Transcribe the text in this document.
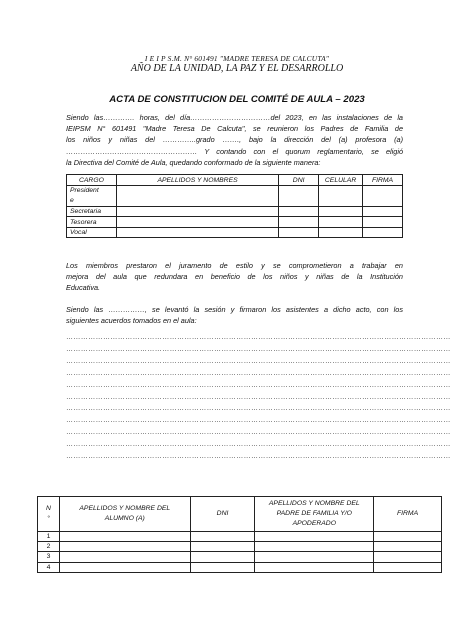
I E I P S.M. N° 601491 "MADRE TERESA DE CALCUTA"
AÑO DE LA UNIDAD, LA PAZ Y EL DESARROLLO
ACTA DE CONSTITUCION DEL COMITÉ DE AULA – 2023
Siendo las…………. horas, del día……………………………del 2023, en las instalaciones de la
IEIPSM N° 601491 "Madre Teresa De Calcuta", se reunieron los Padres de Familia de
los niños y niñas del …………..grado ……., bajo la dirección del (a) profesora (a)
……………………………………………… Y contando con el quorum reglamentario, se eligió
la Directiva del Comité de Aula, quedando conformado de la siguiente manera:
CARGO	APELLIDOS Y NOMBRES	DNI	CELULAR	FIRMA
President
e				
Secretaria				
Tesorera				
Vocal				
Los miembros prestaron el juramento de estilo y se comprometieron a trabajar en
mejora del aula que redundara en beneficio de los niños y niñas de la Institución
Educativa.
Siendo las ……………, se levantó la sesión y firmaron los asistentes a dicho acto, con los
siguientes acuerdos tomados en el aula:
…………………………………………………………………………………………………………………………………………
…………………………………………………………………………………………………………………………………………
…………………………………………………………………………………………………………………………………………
…………………………………………………………………………………………………………………………………………
…………………………………………………………………………………………………………………………………………
…………………………………………………………………………………………………………………………………………
…………………………………………………………………………………………………………………………………………
…………………………………………………………………………………………………………………………………………
…………………………………………………………………………………………………………………………………………
…………………………………………………………………………………………………………………………………………
…………………………………………………………………………………………………………………………………………
N °	APELLIDOS Y NOMBRE DEL ALUMNO (A)	DNI	APELLIDOS Y NOMBRE DEL PADRE DE FAMILIA Y/O APODERADO	FIRMA
1				
2				
3				
4				
